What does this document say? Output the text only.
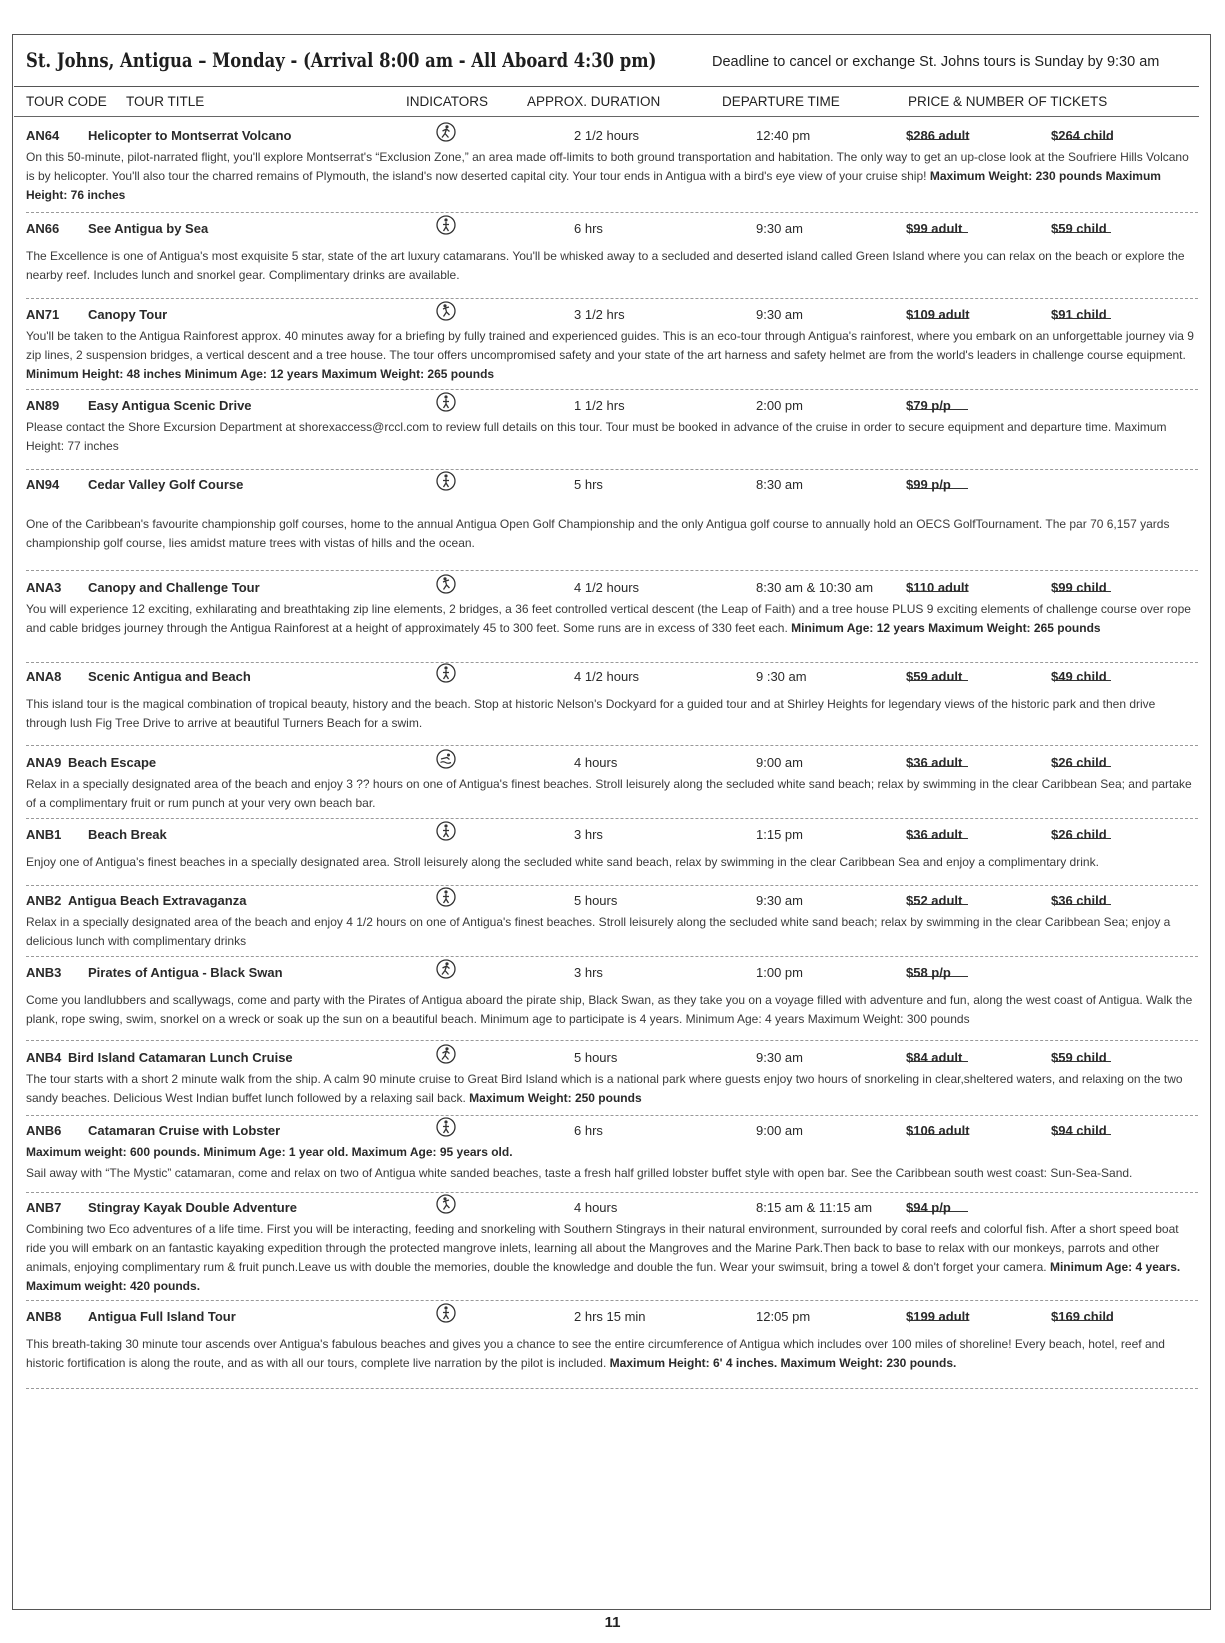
St. Johns, Antigua – Monday - (Arrival 8:00 am - All Aboard 4:30 pm)	Deadline to cancel or exchange St. Johns tours is Sunday by 9:30 am
TOUR CODE TOUR TITLE	INDICATORS	APPROX. DURATION	DEPARTURE TIME	PRICE & NUMBER OF TICKETS
AN64 Helicopter to Montserrat Volcano	2 1/2 hours	12:40 pm	$286 adult	$264 child
On this 50-minute, pilot-narrated flight, you'll explore Montserrat's “Exclusion Zone,” an area made off-limits to both ground transportation and habitation. The only way to get an up-close look at the Soufriere Hills Volcano is by helicopter. You'll also tour the charred remains of Plymouth, the island's now deserted capital city. Your tour ends in Antigua with a bird's eye view of your cruise ship! Maximum Weight: 230 pounds Maximum Height: 76 inches
AN66 See Antigua by Sea	6 hrs	9:30 am	$99 adult	$59 child
The Excellence is one of Antigua's most exquisite 5 star, state of the art luxury catamarans. You'll be whisked away to a secluded and deserted island called Green Island where you can relax on the beach or explore the nearby reef. Includes lunch and snorkel gear. Complimentary drinks are available.
AN71 Canopy Tour	3 1/2 hrs	9:30 am	$109 adult	$91 child
You'll be taken to the Antigua Rainforest approx. 40 minutes away for a briefing by fully trained and experienced guides. This is an eco-tour through Antigua's rainforest, where you embark on an unforgettable journey via 9 zip lines, 2 suspension bridges, a vertical descent and a tree house. The tour offers uncompromised safety and your state of the art harness and safety helmet are from the world's leaders in challenge course equipment. Minimum Height: 48 inches Minimum Age: 12 years Maximum Weight: 265 pounds
AN89 Easy Antigua Scenic Drive	1 1/2 hrs	2:00 pm	$79 p/p
Please contact the Shore Excursion Department at shorexaccess@rccl.com to review full details on this tour. Tour must be booked in advance of the cruise in order to secure equipment and departure time. Maximum Height: 77 inches
AN94 Cedar Valley Golf Course	5 hrs	8:30 am	$99 p/p
One of the Caribbean's favourite championship golf courses, home to the annual Antigua Open Golf Championship and the only Antigua golf course to annually hold an OECS GolfTournament. The par 70 6,157 yards championship golf course, lies amidst mature trees with vistas of hills and the ocean.
ANA3 Canopy and Challenge Tour	4 1/2 hours	8:30 am & 10:30 am	$110 adult	$99 child
You will experience 12 exciting, exhilarating and breathtaking zip line elements, 2 bridges, a 36 feet controlled vertical descent (the Leap of Faith) and a tree house PLUS 9 exciting elements of challenge course over rope and cable bridges journey through the Antigua Rainforest at a height of approximately 45 to 300 feet. Some runs are in excess of 330 feet each. Minimum Age: 12 years Maximum Weight: 265 pounds
ANA8 Scenic Antigua and Beach	4 1/2 hours	9 :30 am	$59 adult	$49 child
This island tour is the magical combination of tropical beauty, history and the beach. Stop at historic Nelson's Dockyard for a guided tour and at Shirley Heights for legendary views of the historic park and then drive through lush Fig Tree Drive to arrive at beautiful Turners Beach for a swim.
ANA9 Beach Escape	4 hours	9:00 am	$36 adult	$26 child
Relax in a specially designated area of the beach and enjoy 3 ?? hours on one of Antigua's finest beaches. Stroll leisurely along the secluded white sand beach; relax by swimming in the clear Caribbean Sea; and partake of a complimentary fruit or rum punch at your very own beach bar.
ANB1 Beach Break	3 hrs	1:15 pm	$36 adult	$26 child
Enjoy one of Antigua's finest beaches in a specially designated area. Stroll leisurely along the secluded white sand beach, relax by swimming in the clear Caribbean Sea and enjoy a complimentary drink.
ANB2 Antigua Beach Extravaganza	5 hours	9:30 am	$52 adult	$36 child
Relax in a specially designated area of the beach and enjoy 4 1/2 hours on one of Antigua's finest beaches. Stroll leisurely along the secluded white sand beach; relax by swimming in the clear Caribbean Sea; enjoy a delicious lunch with complimentary drinks
ANB3 Pirates of Antigua - Black Swan	3 hrs	1:00 pm	$58 p/p
Come you landlubbers and scallywags, come and party with the Pirates of Antigua aboard the pirate ship, Black Swan, as they take you on a voyage filled with adventure and fun, along the west coast of Antigua. Walk the plank, rope swing, swim, snorkel on a wreck or soak up the sun on a beautiful beach. Minimum age to participate is 4 years. Minimum Age: 4 years Maximum Weight: 300 pounds
ANB4 Bird Island Catamaran Lunch Cruise	5 hours	9:30 am	$84 adult	$59 child
The tour starts with a short 2 minute walk from the ship. A calm 90 minute cruise to Great Bird Island which is a national park where guests enjoy two hours of snorkeling in clear,sheltered waters, and relaxing on the two sandy beaches. Delicious West Indian buffet lunch followed by a relaxing sail back. Maximum Weight: 250 pounds
ANB6 Catamaran Cruise with Lobster	6 hrs	9:00 am	$106 adult	$94 child
Maximum weight: 600 pounds. Minimum Age: 1 year old. Maximum Age: 95 years old.
Sail away with “The Mystic” catamaran, come and relax on two of Antigua white sanded beaches, taste a fresh half grilled lobster buffet style with open bar. See the Caribbean south west coast: Sun-Sea-Sand.
ANB7 Stingray Kayak Double Adventure	4 hours	8:15 am & 11:15 am	$94 p/p
Combining two Eco adventures of a life time. First you will be interacting, feeding and snorkeling with Southern Stingrays in their natural environment, surrounded by coral reefs and colorful fish. After a short speed boat ride you will embark on an fantastic kayaking expedition through the protected mangrove inlets, learning all about the Mangroves and the Marine Park.Then back to base to relax with our monkeys, parrots and other animals, enjoying complimentary rum & fruit punch.Leave us with double the memories, double the knowledge and double the fun. Wear your swimsuit, bring a towel & don't forget your camera. Minimum Age: 4 years. Maximum weight: 420 pounds.
ANB8 Antigua Full Island Tour	2 hrs 15 min	12:05 pm	$199 adult	$169 child
This breath-taking 30 minute tour ascends over Antigua's fabulous beaches and gives you a chance to see the entire circumference of Antigua which includes over 100 miles of shoreline! Every beach, hotel, reef and historic fortification is along the route, and as with all our tours, complete live narration by the pilot is included. Maximum Height: 6' 4 inches. Maximum Weight: 230 pounds.
11
